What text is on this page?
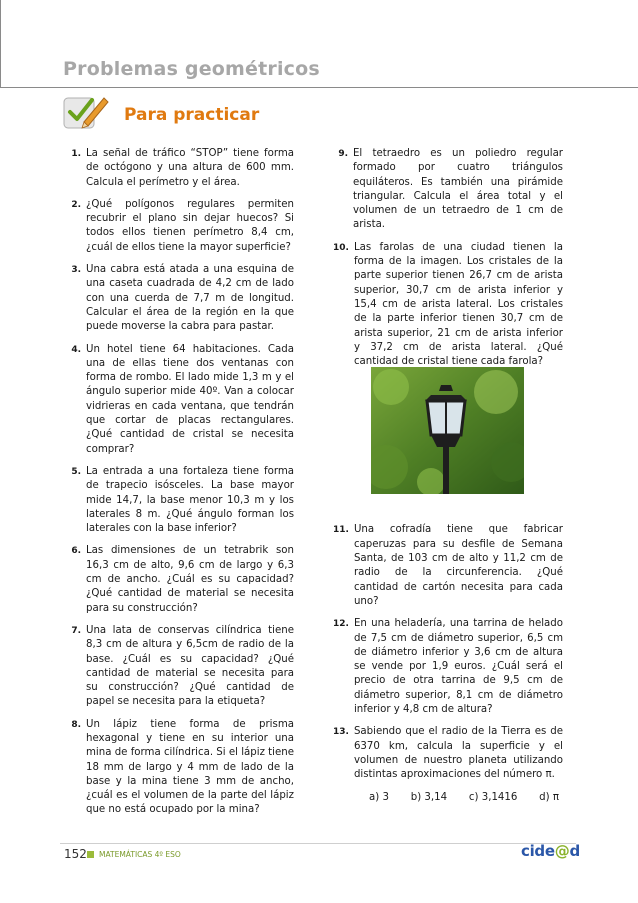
Problemas geométricos
Para practicar
1. La señal de tráfico “STOP” tiene forma de octógono y una altura de 600 mm. Calcula el perímetro y el área.
2. ¿Qué polígonos regulares permiten recubrir el plano sin dejar huecos? Si todos ellos tienen perímetro 8,4 cm, ¿cuál de ellos tiene la mayor superficie?
3. Una cabra está atada a una esquina de una caseta cuadrada de 4,2 cm de lado con una cuerda de 7,7 m de longitud. Calcular el área de la región en la que puede moverse la cabra para pastar.
4. Un hotel tiene 64 habitaciones. Cada una de ellas tiene dos ventanas con forma de rombo. El lado mide 1,3 m y el ángulo superior mide 40º. Van a colocar vidrieras en cada ventana, que tendrán que cortar de placas rectangulares. ¿Qué cantidad de cristal se necesita comprar?
5. La entrada a una fortaleza tiene forma de trapecio isósceles. La base mayor mide 14,7, la base menor 10,3 m y los laterales 8 m. ¿Qué ángulo forman los laterales con la base inferior?
6. Las dimensiones de un tetrabrik son 16,3 cm de alto, 9,6 cm de largo y 6,3 cm de ancho. ¿Cuál es su capacidad? ¿Qué cantidad de material se necesita para su construcción?
7. Una lata de conservas cilíndrica tiene 8,3 cm de altura y 6,5cm de radio de la base. ¿Cuál es su capacidad? ¿Qué cantidad de material se necesita para su construcción? ¿Qué cantidad de papel se necesita para la etiqueta?
8. Un lápiz tiene forma de prisma hexagonal y tiene en su interior una mina de forma cilíndrica. Si el lápiz tiene 18 mm de largo y 4 mm de lado de la base y la mina tiene 3 mm de ancho, ¿cuál es el volumen de la parte del lápiz que no está ocupado por la mina?
9. El tetraedro es un poliedro regular formado por cuatro triángulos equiláteros. Es también una pirámide triangular. Calcula el área total y el volumen de un tetraedro de 1 cm de arista.
10. Las farolas de una ciudad tienen la forma de la imagen. Los cristales de la parte superior tienen 26,7 cm de arista superior, 30,7 cm de arista inferior y 15,4 cm de arista lateral. Los cristales de la parte inferior tienen 30,7 cm de arista superior, 21 cm de arista inferior y 37,2 cm de arista lateral. ¿Qué cantidad de cristal tiene cada farola?
11. Una cofradía tiene que fabricar caperuzas para su desfile de Semana Santa, de 103 cm de alto y 11,2 cm de radio de la circunferencia. ¿Qué cantidad de cartón necesita para cada uno?
12. En una heladería, una tarrina de helado de 7,5 cm de diámetro superior, 6,5 cm de diámetro inferior y 3,6 cm de altura se vende por 1,9 euros. ¿Cuál será el precio de otra tarrina de 9,5 cm de diámetro superior, 8,1 cm de diámetro inferior y 4,8 cm de altura?
13. Sabiendo que el radio de la Tierra es de 6370 km, calcula la superficie y el volumen de nuestro planeta utilizando distintas aproximaciones del número π.
a) 3 b) 3,14 c) 3,1416 d) π
152 MATEMÁTICAS 4º ESO	cide@d
